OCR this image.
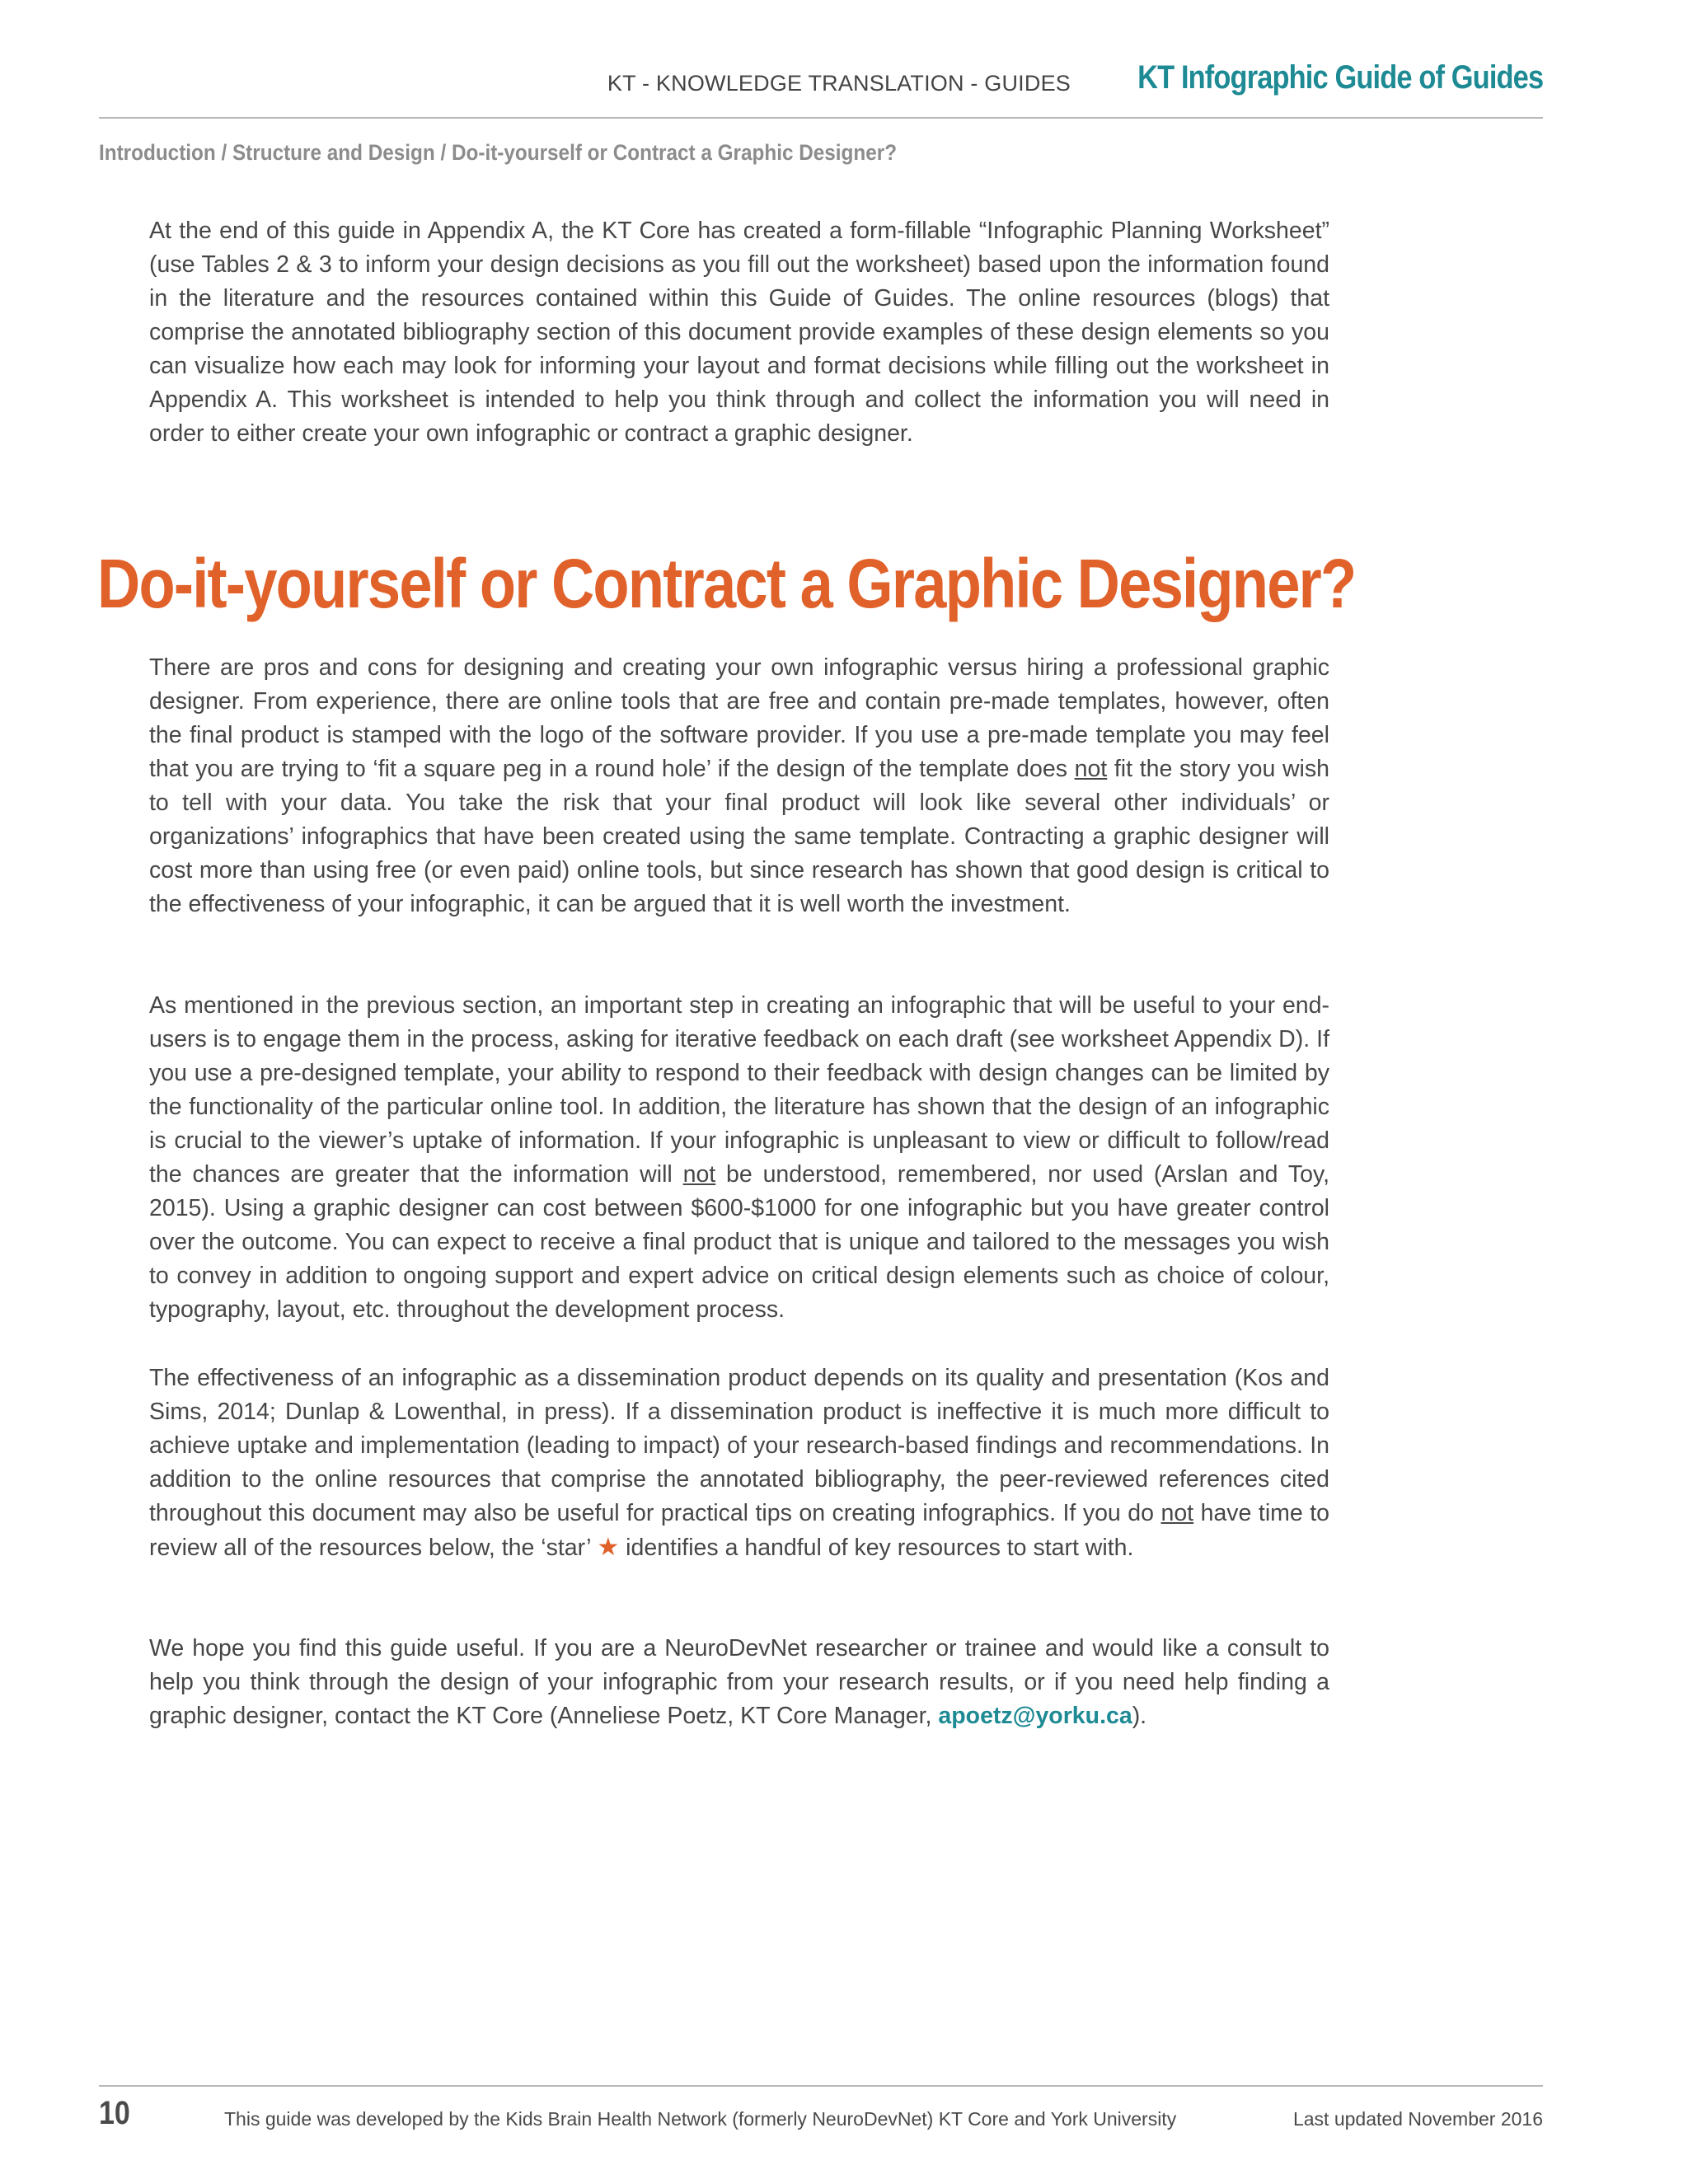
KT - KNOWLEDGE TRANSLATION - GUIDES KT Infographic Guide of Guides
Introduction / Structure and Design / Do-it-yourself or Contract a Graphic Designer?

At the end of this guide in Appendix A, the KT Core has created a form-fillable “Infographic Planning Worksheet” (use Tables 2 & 3 to inform your design decisions as you fill out the worksheet) based upon the information found in the literature and the resources contained within this Guide of Guides. The online resources (blogs) that comprise the annotated bibliography section of this document provide examples of these design elements so you can visualize how each may look for informing your layout and format decisions while filling out the worksheet in Appendix A. This worksheet is intended to help you think through and collect the information you will need in order to either create your own infographic or contract a graphic designer.

Do-it-yourself or Contract a Graphic Designer?

There are pros and cons for designing and creating your own infographic versus hiring a professional graphic designer. From experience, there are online tools that are free and contain pre-made templates, however, often the final product is stamped with the logo of the software provider. If you use a pre-made template you may feel that you are trying to ‘fit a square peg in a round hole’ if the design of the template does not fit the story you wish to tell with your data. You take the risk that your final product will look like several other individuals’ or organizations’ infographics that have been created using the same template. Contracting a graphic designer will cost more than using free (or even paid) online tools, but since research has shown that good design is critical to the effectiveness of your infographic, it can be argued that it is well worth the investment.

As mentioned in the previous section, an important step in creating an infographic that will be useful to your end-users is to engage them in the process, asking for iterative feedback on each draft (see worksheet Appendix D). If you use a pre-designed template, your ability to respond to their feedback with design changes can be limited by the functionality of the particular online tool. In addition, the literature has shown that the design of an infographic is crucial to the viewer’s uptake of information. If your infographic is unpleasant to view or difficult to follow/read the chances are greater that the information will not be understood, remembered, nor used (Arslan and Toy, 2015). Using a graphic designer can cost between $600-$1000 for one infographic but you have greater control over the outcome. You can expect to receive a final product that is unique and tailored to the messages you wish to convey in addition to ongoing support and expert advice on critical design elements such as choice of colour, typography, layout, etc. throughout the development process.

The effectiveness of an infographic as a dissemination product depends on its quality and presentation (Kos and Sims, 2014; Dunlap & Lowenthal, in press). If a dissemination product is ineffective it is much more difficult to achieve uptake and implementation (leading to impact) of your research-based findings and recommendations. In addition to the online resources that comprise the annotated bibliography, the peer-reviewed references cited throughout this document may also be useful for practical tips on creating infographics. If you do not have time to review all of the resources below, the ‘star’ ★ identifies a handful of key resources to start with.

We hope you find this guide useful. If you are a NeuroDevNet researcher or trainee and would like a consult to help you think through the design of your infographic from your research results, or if you need help finding a graphic designer, contact the KT Core (Anneliese Poetz, KT Core Manager, apoetz@yorku.ca).

10	This guide was developed by the Kids Brain Health Network (formerly NeuroDevNet) KT Core and York University	Last updated November 2016
